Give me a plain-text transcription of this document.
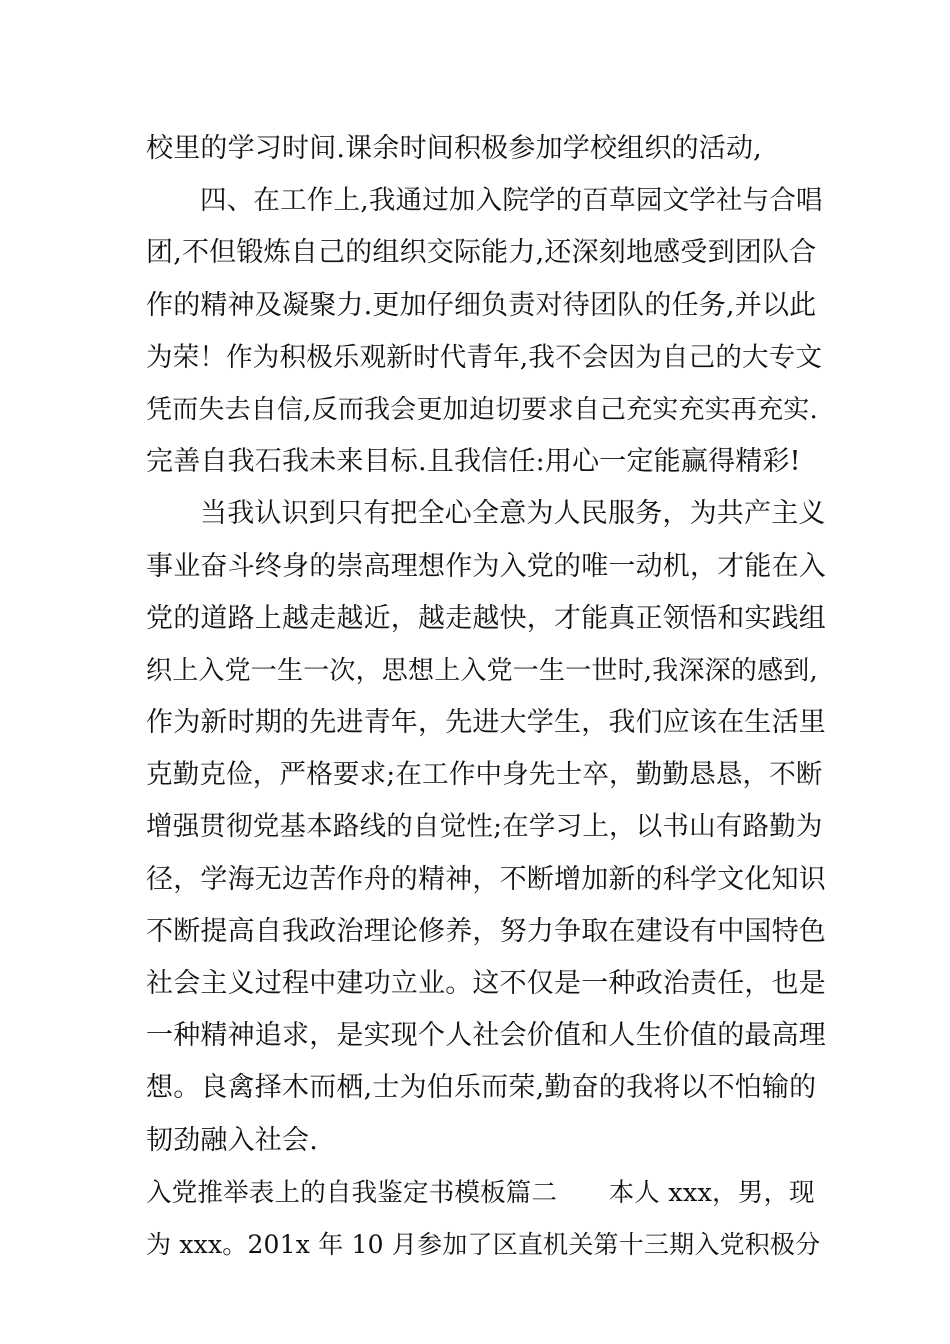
校里的学习时间.课余时间积极参加学校组织的活动,
四、在工作上,我通过加入院学的百草园文学社与合唱
团,不但锻炼自己的组织交际能力,还深刻地感受到团队合
作的精神及凝聚力.更加仔细负责对待团队的任务,并以此
为荣！作为积极乐观新时代青年,我不会因为自己的大专文
凭而失去自信,反而我会更加迫切要求自己充实充实再充实.
完善自我石我未来目标.且我信任:用心一定能赢得精彩!
当我认识到只有把全心全意为人民服务，为共产主义
事业奋斗终身的崇高理想作为入党的唯一动机，才能在入
党的道路上越走越近，越走越快，才能真正领悟和实践组
织上入党一生一次，思想上入党一生一世时,我深深的感到,
作为新时期的先进青年，先进大学生，我们应该在生活里
克勤克俭，严格要求;在工作中身先士卒，勤勤恳恳，不断
增强贯彻党基本路线的自觉性;在学习上，以书山有路勤为
径，学海无边苦作舟的精神，不断增加新的科学文化知识
不断提高自我政治理论修养，努力争取在建设有中国特色
社会主义过程中建功立业。这不仅是一种政治责任，也是
一种精神追求，是实现个人社会价值和人生价值的最高理
想。良禽择木而栖,士为伯乐而荣,勤奋的我将以不怕输的
韧劲融入社会.
入党推举表上的自我鉴定书模板篇二　　本人 xxx，男，现
为 xxx。201x 年 10 月参加了区直机关第十三期入党积极分
